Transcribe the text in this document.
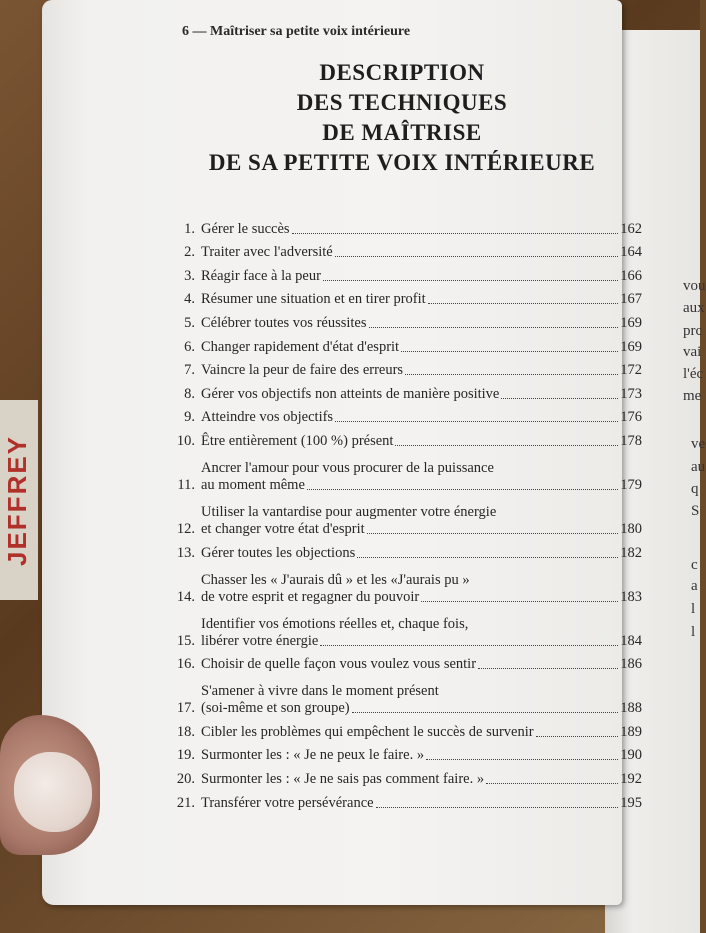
JEFFREY
vou
aux
prc
vai
l'éc
me
ve
au
q
S
c
a
l
l
6 — Maîtriser sa petite voix intérieure
DESCRIPTION
DES TECHNIQUES
DE MAÎTRISE
DE SA PETITE VOIX INTÉRIEURE
1. Gérer le succès	162
2. Traiter avec l'adversité	164
3. Réagir face à la peur	166
4. Résumer une situation et en tirer profit	167
5. Célébrer toutes vos réussites	169
6. Changer rapidement d'état d'esprit	169
7. Vaincre la peur de faire des erreurs	172
8. Gérer vos objectifs non atteints de manière positive	173
9. Atteindre vos objectifs	176
10. Être entièrement (100 %) présent	178
11.
Ancrer l'amour pour vous procurer de la puissance
au moment même	179
12.
Utiliser la vantardise pour augmenter votre énergie
et changer votre état d'esprit	180
13. Gérer toutes les objections	182
14.
Chasser les « J'aurais dû » et les «J'aurais pu »
de votre esprit et regagner du pouvoir	183
15.
Identifier vos émotions réelles et, chaque fois,
libérer votre énergie	184
16. Choisir de quelle façon vous voulez vous sentir	186
17.
S'amener à vivre dans le moment présent
(soi-même et son groupe)	188
18. Cibler les problèmes qui empêchent le succès de survenir	189
19. Surmonter les : « Je ne peux le faire. »	190
20. Surmonter les : « Je ne sais pas comment faire. »	192
21. Transférer votre persévérance	195
